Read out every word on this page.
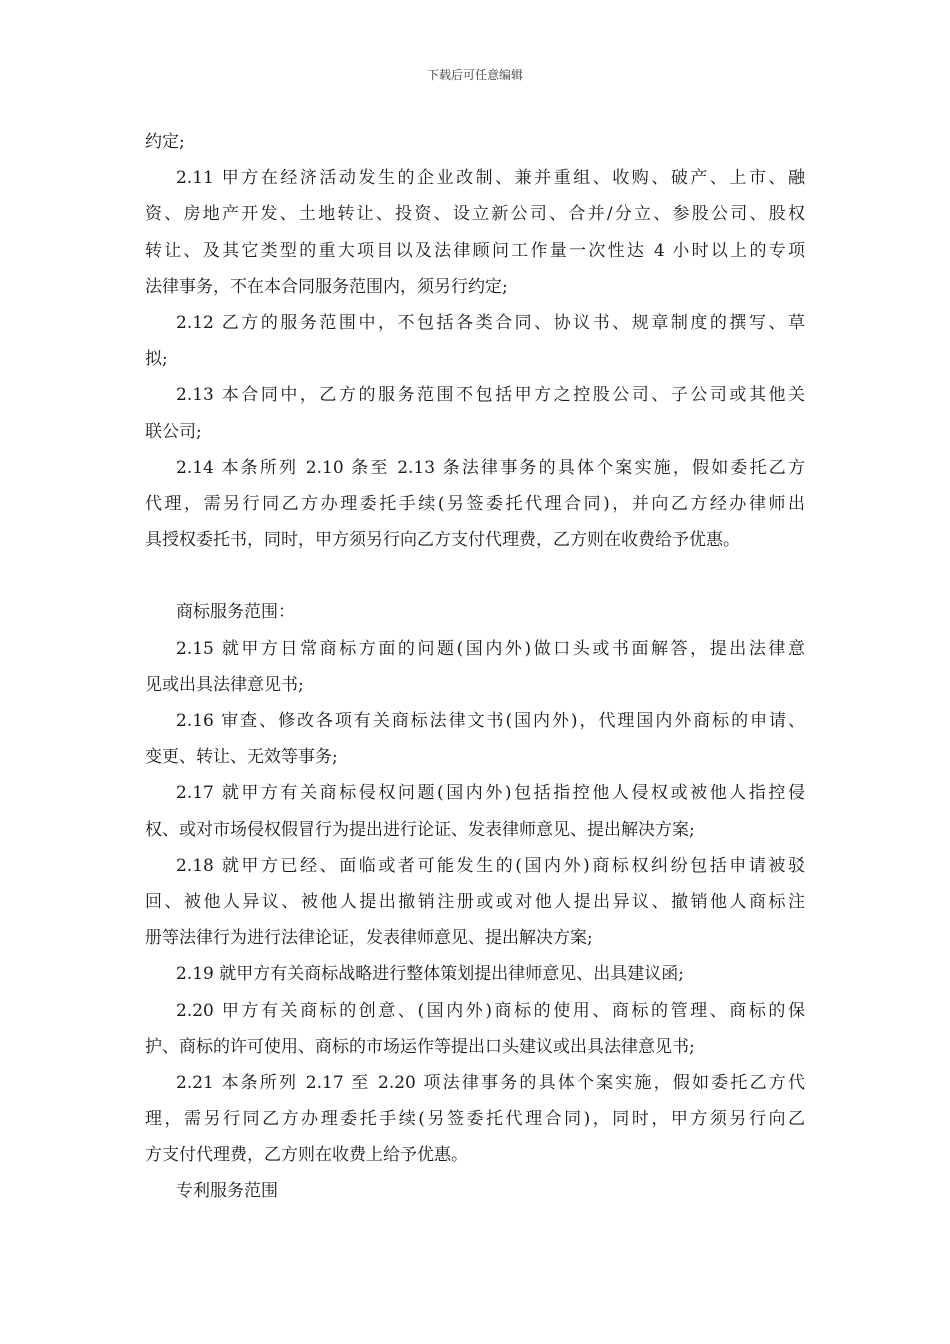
下载后可任意编辑
约定;
2.11 甲方在经济活动发生的企业改制、兼并重组、收购、破产、上市、融
资、房地产开发、土地转让、投资、设立新公司、合并/分立、参股公司、股权
转让、及其它类型的重大项目以及法律顾问工作量一次性达 4 小时以上的专项
法律事务，不在本合同服务范围内，须另行约定;
2.12 乙方的服务范围中，不包括各类合同、协议书、规章制度的撰写、草
拟;
2.13 本合同中，乙方的服务范围不包括甲方之控股公司、子公司或其他关
联公司;
2.14 本条所列 2.10 条至 2.13 条法律事务的具体个案实施，假如委托乙方
代理，需另行同乙方办理委托手续(另签委托代理合同)，并向乙方经办律师出
具授权委托书，同时，甲方须另行向乙方支付代理费，乙方则在收费给予优惠。
商标服务范围：
2.15 就甲方日常商标方面的问题(国内外)做口头或书面解答，提出法律意
见或出具法律意见书;
2.16 审查、修改各项有关商标法律文书(国内外)，代理国内外商标的申请、
变更、转让、无效等事务;
2.17 就甲方有关商标侵权问题(国内外)包括指控他人侵权或被他人指控侵
权、或对市场侵权假冒行为提出进行论证、发表律师意见、提出解决方案;
2.18 就甲方已经、面临或者可能发生的(国内外)商标权纠纷包括申请被驳
回、被他人异议、被他人提出撤销注册或或对他人提出异议、撤销他人商标注
册等法律行为进行法律论证，发表律师意见、提出解决方案;
2.19 就甲方有关商标战略进行整体策划提出律师意见、出具建议函;
2.20 甲方有关商标的创意、(国内外)商标的使用、商标的管理、商标的保
护、商标的许可使用、商标的市场运作等提出口头建议或出具法律意见书;
2.21 本条所列 2.17 至 2.20 项法律事务的具体个案实施，假如委托乙方代
理，需另行同乙方办理委托手续(另签委托代理合同)，同时，甲方须另行向乙
方支付代理费，乙方则在收费上给予优惠。
专利服务范围
